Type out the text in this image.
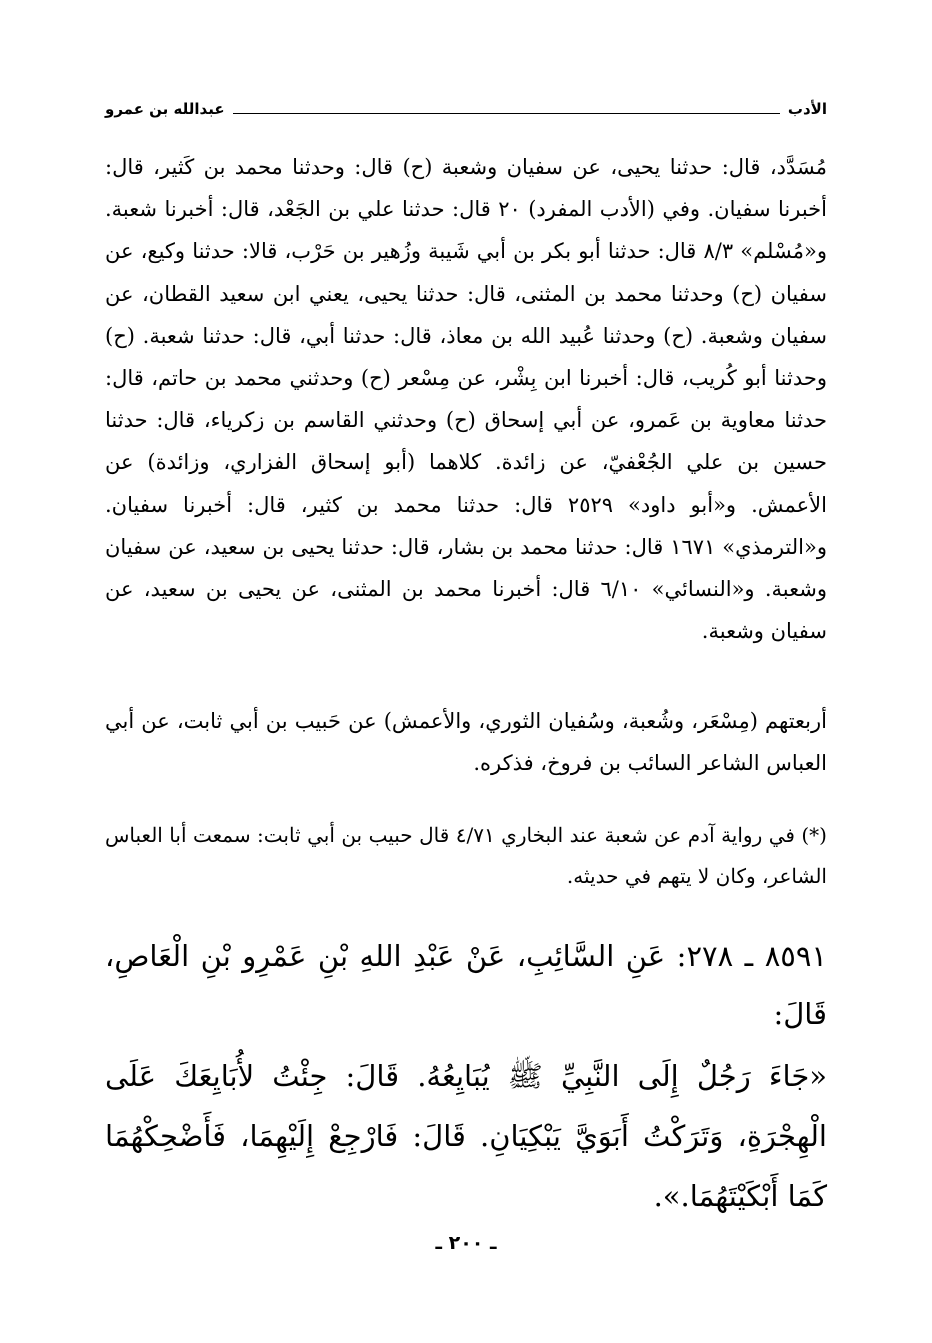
الأدب
عبدالله بن عمرو

مُسَدَّد، قال: حدثنا يحيى، عن سفيان وشعبة (ح) قال: وحدثنا محمد بن كَثير، قال: أخبرنا سفيان. وفي (الأدب المفرد) ٢٠ قال: حدثنا علي بن الجَعْد، قال: أخبرنا شعبة. و«مُسْلم» ٨/٣ قال: حدثنا أبو بكر بن أبي شَيبة وزُهير بن حَرْب، قالا: حدثنا وكيع، عن سفيان (ح) وحدثنا محمد بن المثنى، قال: حدثنا يحيى، يعني ابن سعيد القطان، عن سفيان وشعبة. (ح) وحدثنا عُبيد الله بن معاذ، قال: حدثنا أبي، قال: حدثنا شعبة. (ح) وحدثنا أبو كُريب، قال: أخبرنا ابن بِشْر، عن مِسْعر (ح) وحدثني محمد بن حاتم، قال: حدثنا معاوية بن عَمرو، عن أبي إسحاق (ح) وحدثني القاسم بن زكرياء، قال: حدثنا حسين بن علي الجُعْفيّ، عن زائدة. كلاهما (أبو إسحاق الفزاري، وزائدة) عن الأعمش. و«أبو داود» ٢٥٢٩ قال: حدثنا محمد بن كثير، قال: أخبرنا سفيان. و«الترمذي» ١٦٧١ قال: حدثنا محمد بن بشار، قال: حدثنا يحيى بن سعيد، عن سفيان وشعبة. و«النسائي» ٦/١٠ قال: أخبرنا محمد بن المثنى، عن يحيى بن سعيد، عن سفيان وشعبة.

أربعتهم (مِسْعَر، وشُعبة، وسُفيان الثوري، والأعمش) عن حَبيب بن أبي ثابت، عن أبي العباس الشاعر السائب بن فروخ، فذكره.

(*) في رواية آدم عن شعبة عند البخاري ٤/٧١ قال حبيب بن أبي ثابت: سمعت أبا العباس الشاعر، وكان لا يتهم في حديثه.

٨٥٩١ ـ ٢٧٨: عَنِ السَّائِبِ، عَنْ عَبْدِ اللهِ بْنِ عَمْرِو بْنِ الْعَاصِ، قَالَ:

«جَاءَ رَجُلٌ إِلَى النَّبِيِّ ﷺ يُبَايِعُهُ. قَالَ: جِئْتُ لأُبَايِعَكَ عَلَى الْهِجْرَةِ، وَتَرَكْتُ أَبَوَيَّ يَبْكِيَانِ. قَالَ: فَارْجِعْ إِلَيْهِمَا، فَأَضْحِكْهُمَا كَمَا أَبْكَيْتَهُمَا.».

ـ ٢٠٠ ـ
